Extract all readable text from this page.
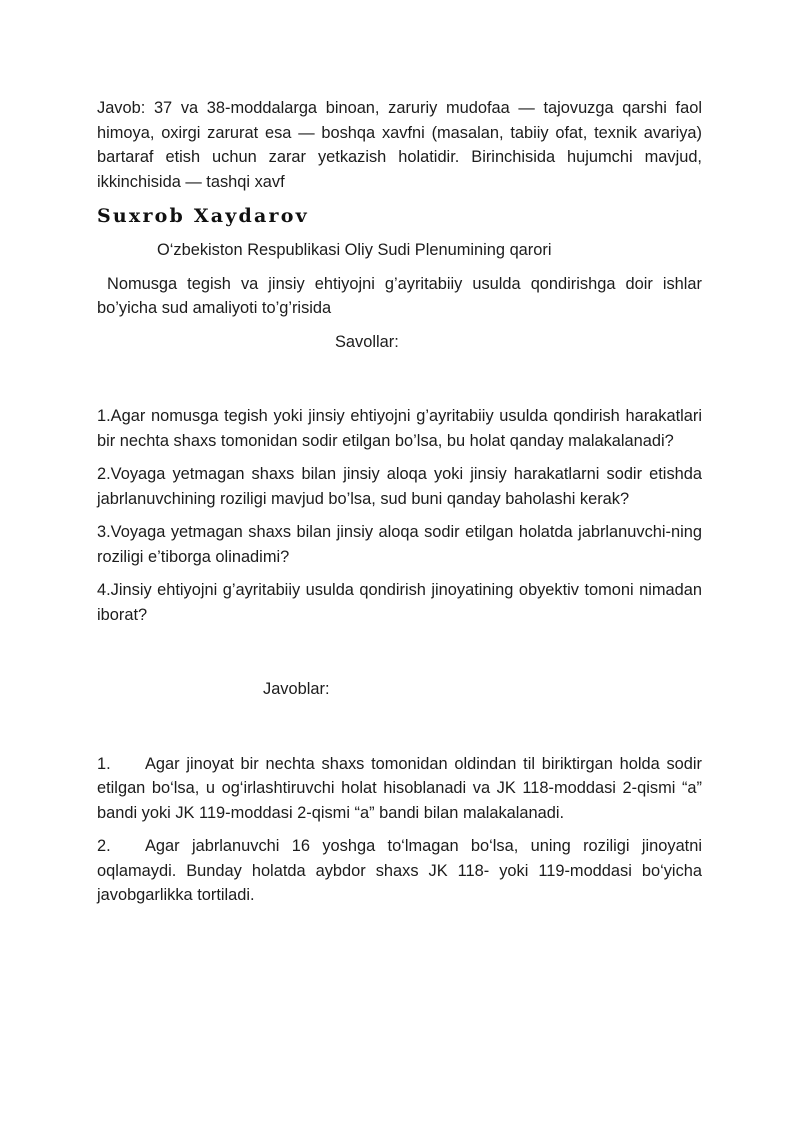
Javob: 37 va 38-moddalarga binoan, zaruriy mudofaa — tajovuzga qarshi faol himoya, oxirgi zarurat esa — boshqa xavfni (masalan, tabiiy ofat, texnik avariya) bartaraf etish uchun zarar yetkazish holatidir. Birinchisida hujumchi mavjud, ikkinchisida — tashqi xavf

Suxrob Xaydarov

O‘zbekiston Respublikasi Oliy Sudi Plenumining qarori

Nomusga tegish va jinsiy ehtiyojni g’ayritabiiy usulda qondirishga doir ishlar bo’yicha sud amaliyoti to’g’risida

Savollar:

1.Agar nomusga tegish yoki jinsiy ehtiyojni g’ayritabiiy usulda qondirish harakatlari bir nechta shaxs tomonidan sodir etilgan bo’lsa, bu holat qanday malakalanadi?

2.Voyaga yetmagan shaxs bilan jinsiy aloqa yoki jinsiy harakatlarni sodir etishda jabrlanuvchining roziligi mavjud bo’lsa, sud buni qanday baholashi kerak?

3.Voyaga yetmagan shaxs bilan jinsiy aloqa sodir etilgan holatda jabrlanuvchi-ning roziligi e’tiborga olinadimi?

4.Jinsiy ehtiyojni g’ayritabiiy usulda qondirish jinoyatining obyektiv tomoni nimadan iborat?

Javoblar:

1.	Agar jinoyat bir nechta shaxs tomonidan oldindan til biriktirgan holda sodir etilgan bo‘lsa, u og‘irlashtiruvchi holat hisoblanadi va JK 118-moddasi 2-qismi “a” bandi yoki JK 119-moddasi 2-qismi “a” bandi bilan malakalanadi.

2.	Agar jabrlanuvchi 16 yoshga to‘lmagan bo‘lsa, uning roziligi jinoyatni oqlamaydi. Bunday holatda aybdor shaxs JK 118- yoki 119-moddasi bo‘yicha javobgarlikka tortiladi.
